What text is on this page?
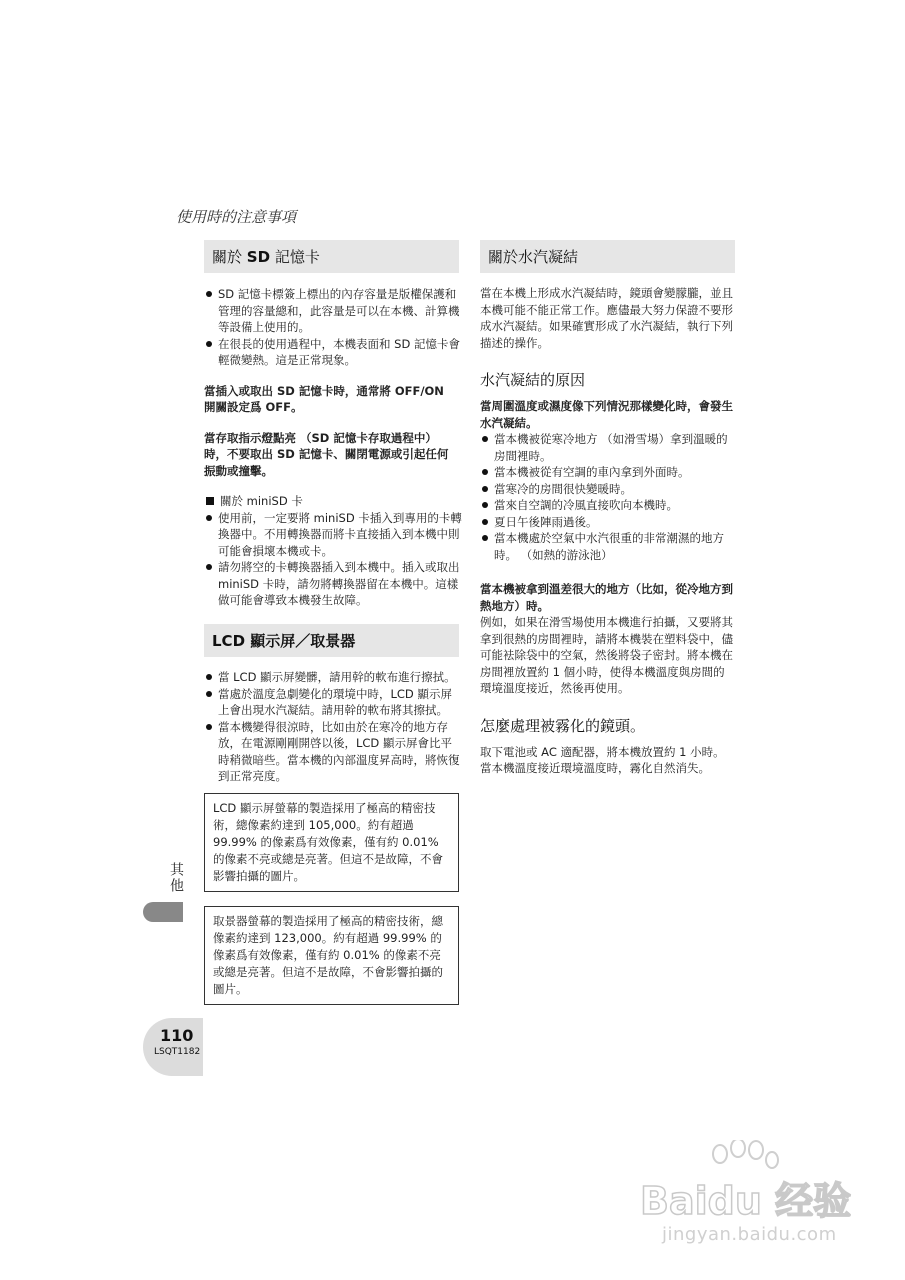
使用時的注意事項
關於 SD 記憶卡
SD 記憶卡標簽上標出的內存容量是版權保護和管理的容量總和，此容量是可以在本機、計算機等設備上使用的。
在很長的使用過程中，本機表面和 SD 記憶卡會輕微變熱。這是正常現象。

當插入或取出 SD 記憶卡時，通常將 OFF/ON 開關設定爲 OFF。

當存取指示燈點亮 （SD 記憶卡存取過程中）時，不要取出 SD 記憶卡、關閉電源或引起任何振動或撞擊。

關於 miniSD 卡
使用前，一定要將 miniSD 卡插入到專用的卡轉換器中。不用轉換器而將卡直接插入到本機中則可能會損壞本機或卡。
請勿將空的卡轉換器插入到本機中。插入或取出 miniSD 卡時，請勿將轉換器留在本機中。這樣做可能會導致本機發生故障。
LCD 顯示屏／取景器
當 LCD 顯示屏變髒，請用幹的軟布進行擦拭。
當處於溫度急劇變化的環境中時，LCD 顯示屏上會出現水汽凝結。請用幹的軟布將其擦拭。
當本機變得很涼時，比如由於在寒冷的地方存放，在電源剛剛開啓以後，LCD 顯示屏會比平時稍微暗些。當本機的內部溫度昇高時，將恢復到正常亮度。
LCD 顯示屏螢幕的製造採用了極高的精密技術，總像素約達到 105,000。約有超過 99.99% 的像素爲有效像素，僅有約 0.01% 的像素不亮或總是亮著。但這不是故障，不會影響拍攝的圖片。
取景器螢幕的製造採用了極高的精密技術，總像素約達到 123,000。約有超過 99.99% 的像素爲有效像素，僅有約 0.01% 的像素不亮或總是亮著。但這不是故障，不會影響拍攝的圖片。
關於水汽凝結

當在本機上形成水汽凝結時，鏡頭會變朦朧，並且本機可能不能正常工作。應儘最大努力保證不要形成水汽凝結。如果確實形成了水汽凝結，執行下列描述的操作。

水汽凝結的原因

當周圍溫度或濕度像下列情況那樣變化時，會發生水汽凝結。

當本機被從寒冷地方 （如滑雪場）拿到溫暖的房間裡時。
當本機被從有空調的車內拿到外面時。
當寒冷的房間很快變暖時。
當來自空調的冷風直接吹向本機時。
夏日午後陣雨過後。
當本機處於空氣中水汽很重的非常潮濕的地方時。 （如熱的游泳池）

當本機被拿到溫差很大的地方（比如，從冷地方到熱地方）時。

例如，如果在滑雪場使用本機進行拍攝，又要將其拿到很熱的房間裡時，請將本機裝在塑料袋中，儘可能袪除袋中的空氣，然後將袋子密封。將本機在房間裡放置約 1 個小時，使得本機溫度與房間的環境溫度接近，然後再使用。

怎麼處理被霧化的鏡頭。

取下電池或 AC 適配器，將本機放置約 1 小時。當本機溫度接近環境溫度時，霧化自然消失。

其他
110
LSQT1182
Baidu 经验
jingyan.baidu.com
